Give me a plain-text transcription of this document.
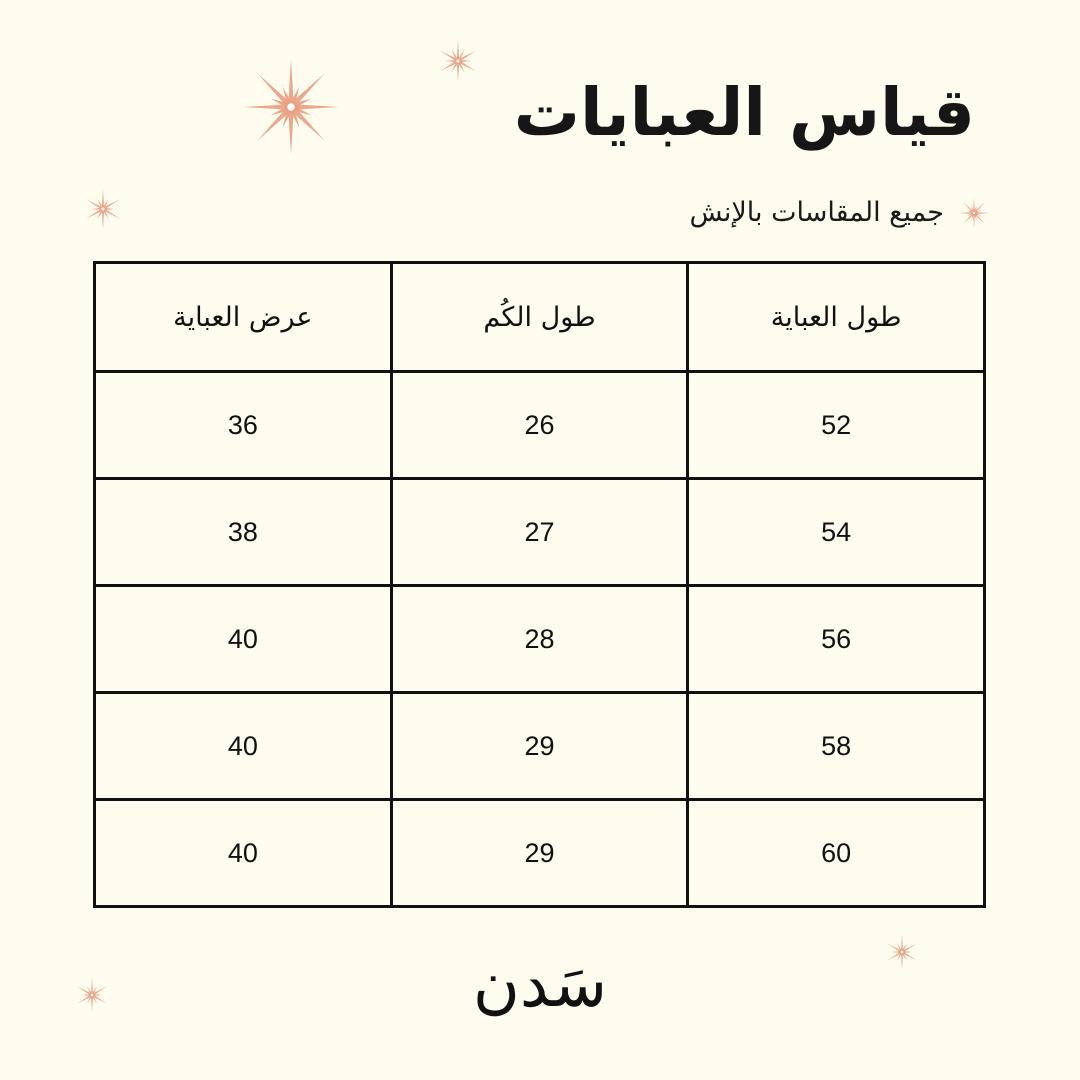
قياس العبايات
جميع المقاسات بالإنش
طول العباية	طول الكُم	عرض العباية
52	26	36
54	27	38
56	28	40
58	29	40
60	29	40
سَدن
